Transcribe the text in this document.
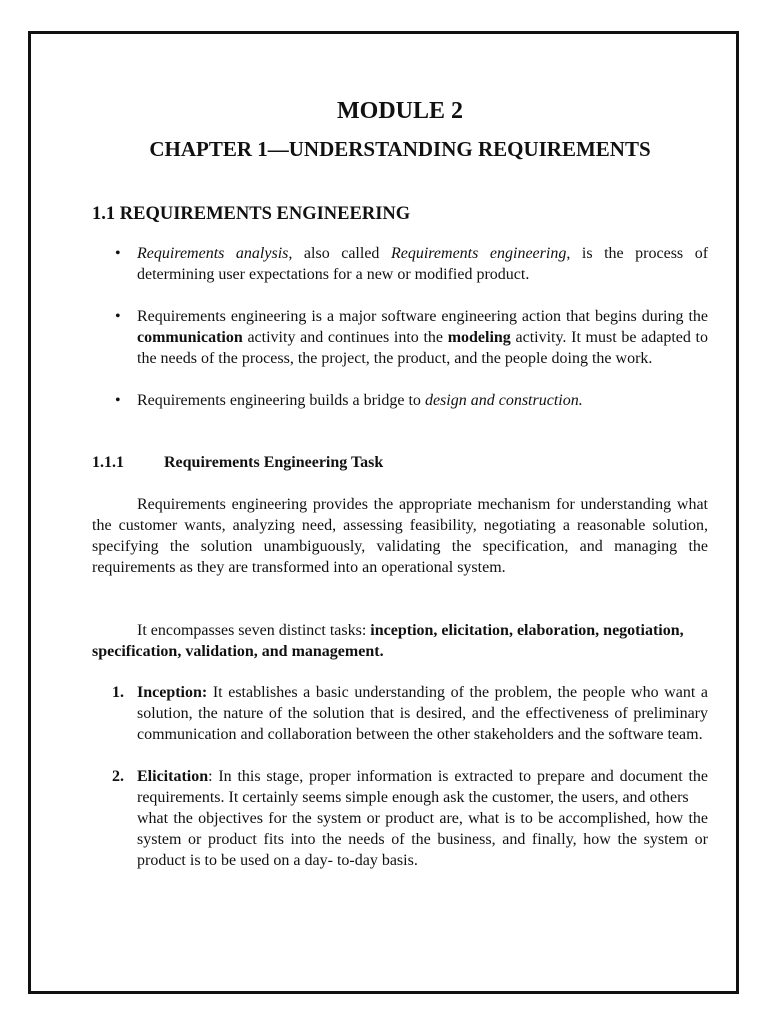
MODULE 2
CHAPTER 1—UNDERSTANDING REQUIREMENTS
1.1 REQUIREMENTS ENGINEERING
• Requirements analysis, also called Requirements engineering, is the process of determining user expectations for a new or modified product.
• Requirements engineering is a major software engineering action that begins during the communication activity and continues into the modeling activity. It must be adapted to the needs of the process, the project, the product, and the people doing the work.
• Requirements engineering builds a bridge to design and construction.
1.1.1	Requirements Engineering Task

Requirements engineering provides the appropriate mechanism for understanding what the customer wants, analyzing need, assessing feasibility, negotiating a reasonable solution, specifying the solution unambiguously, validating the specification, and managing the requirements as they are transformed into an operational system.

It encompasses seven distinct tasks: inception, elicitation, elaboration, negotiation, specification, validation, and management.

1. Inception: It establishes a basic understanding of the problem, the people who want a solution, the nature of the solution that is desired, and the effectiveness of preliminary communication and collaboration between the other stakeholders and the software team.
2. Elicitation: In this stage, proper information is extracted to prepare and document the requirements. It certainly seems simple enough ask the customer, the users, and others
what the objectives for the system or product are, what is to be accomplished, how the system or product fits into the needs of the business, and finally, how the system or product is to be used on a day- to-day basis.
